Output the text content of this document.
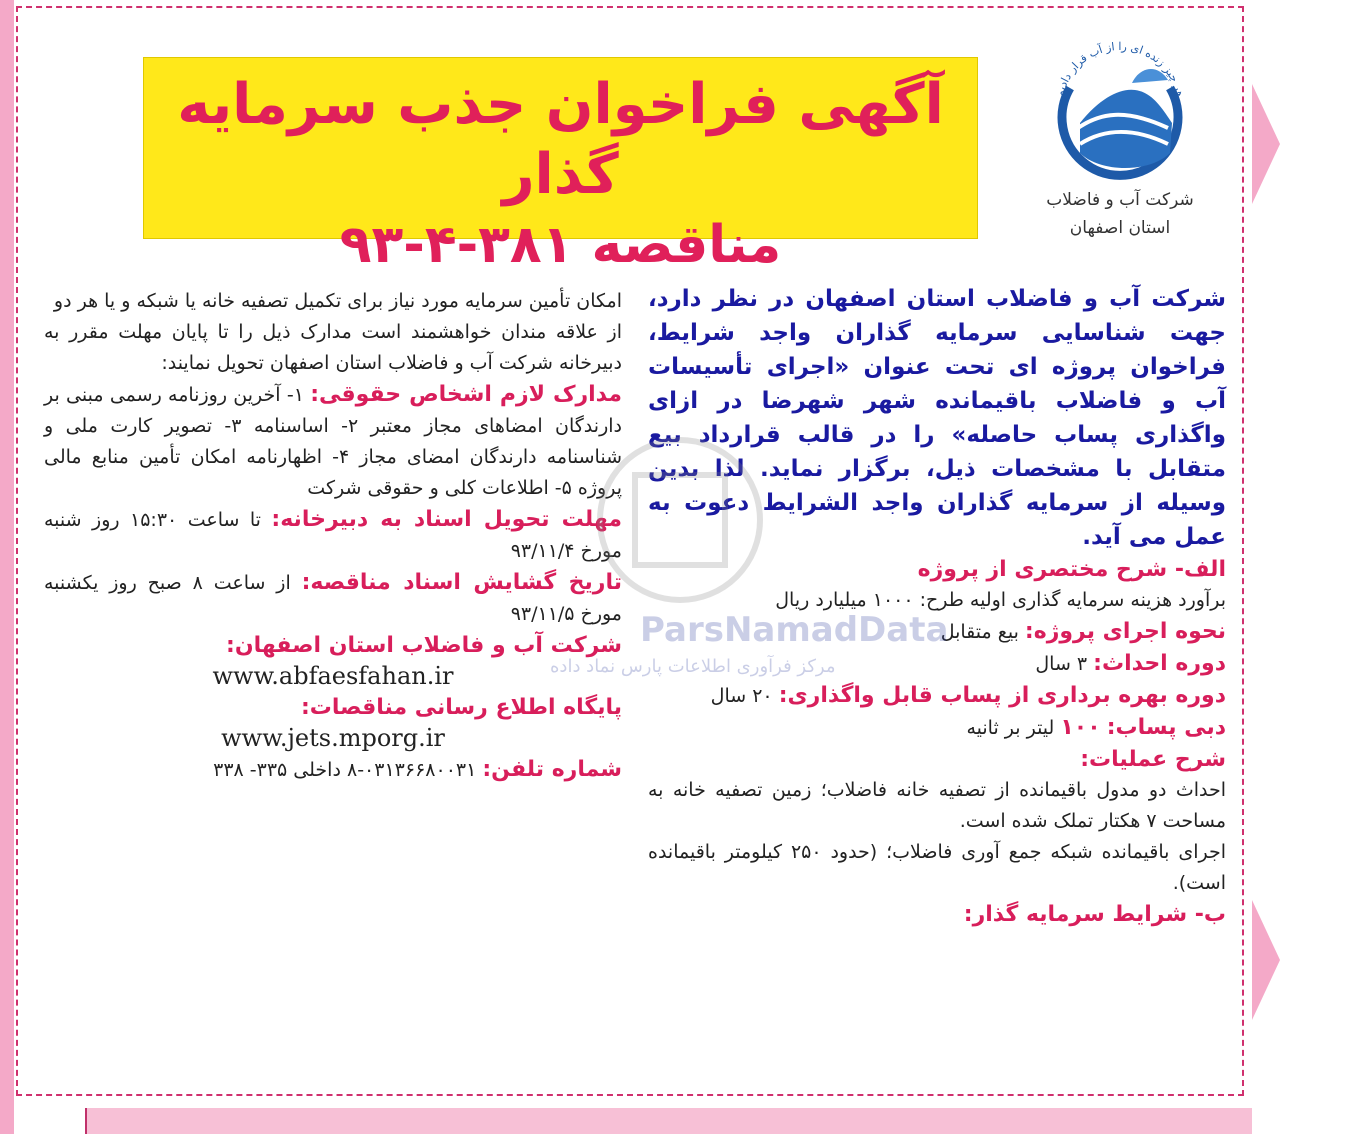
هر چیز زنده ای را از آب قرار دادیم
شرکت آب و فاضلاب
استان اصفهان
آگهی فراخوان جذب سرمایه گذار
مناقصه ۳۸۱-۴-۹۳

شرکت آب و فاضلاب استان اصفهان در نظر دارد، جهت شناسایی سرمایه گذاران واجد شرایط، فراخوان پروژه ای تحت عنوان «اجرای تأسیسات آب و فاضلاب باقیمانده شهر شهرضا در ازای واگذاری پساب حاصله» را در قالب قرارداد بیع متقابل با مشخصات ذیل، برگزار نماید. لذا بدین وسیله از سرمایه گذاران واجد الشرایط دعوت به عمل می آید.

الف- شرح مختصری از پروژه

برآورد هزینه سرمایه گذاری اولیه طرح: ۱۰۰۰ میلیارد ریال

نحوه اجرای پروژه: بیع متقابل

دوره احداث: ۳ سال

دوره بهره برداری از پساب قابل واگذاری: ۲۰ سال

دبی پساب: ۱۰۰ لیتر بر ثانیه

شرح عملیات:

احداث دو مدول باقیمانده از تصفیه خانه فاضلاب؛ زمین تصفیه خانه به مساحت ۷ هکتار تملک شده است.

اجرای باقیمانده شبکه جمع آوری فاضلاب؛ (حدود ۲۵۰ کیلومتر باقیمانده است).

ب- شرایط سرمایه گذار:

امکان تأمین سرمایه مورد نیاز برای تکمیل تصفیه خانه یا شبکه و یا هر دو

از علاقه مندان خواهشمند است مدارک ذیل را تا پایان مهلت مقرر به دبیرخانه شرکت آب و فاضلاب استان اصفهان تحویل نمایند:

مدارک لازم اشخاص حقوقی: ۱- آخرین روزنامه رسمی مبنی بر دارندگان امضاهای مجاز معتبر ۲- اساسنامه ۳- تصویر کارت ملی و شناسنامه دارندگان امضای مجاز ۴- اظهارنامه امکان تأمین منابع مالی پروژه ۵- اطلاعات کلی و حقوقی شرکت

مهلت تحویل اسناد به دبیرخانه: تا ساعت ۱۵:۳۰ روز شنبه مورخ ۹۳/۱۱/۴

تاریخ گشایش اسناد مناقصه: از ساعت ۸ صبح روز یکشنبه مورخ ۹۳/۱۱/۵

شرکت آب و فاضلاب استان اصفهان:

www.abfaesfahan.ir

پایگاه اطلاع رسانی مناقصات:

www.jets.mporg.ir

شماره تلفن: ۰۳۱۳۶۶۸۰۰۳۱-۸ داخلی ۳۳۵- ۳۳۸

ParsNamadData
مرکز فرآوری اطلاعات پارس نماد داده
